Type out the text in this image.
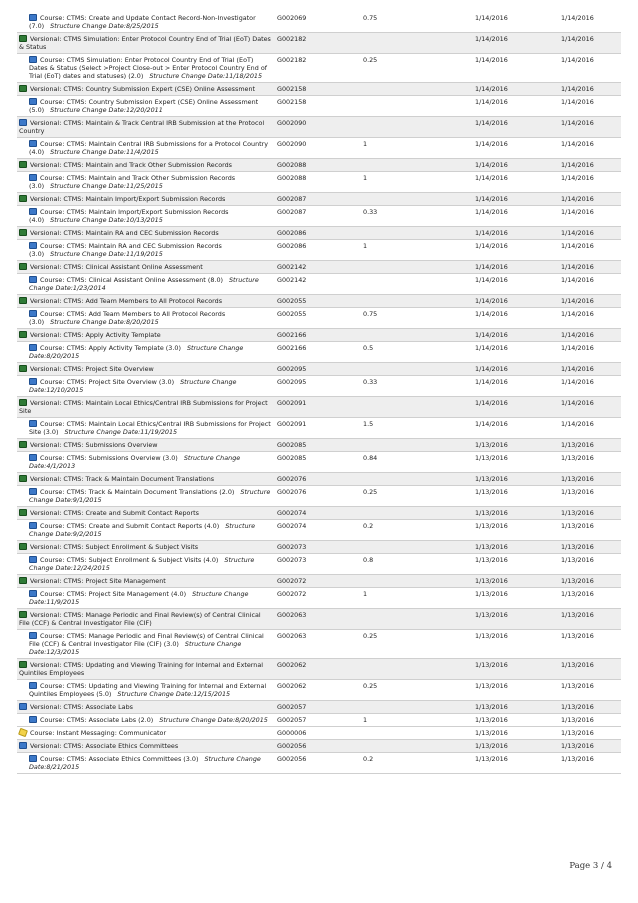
Course: CTMS: Create and Update Contact Record-Non-Investigator (7.0) Structure Change Date:8/25/2015	G002069	0.75	1/14/2016	1/14/2016
Versional: CTMS Simulation: Enter Protocol Country End of Trial (EoT) Dates & Status	G002182		1/14/2016	1/14/2016
Course: CTMS Simulation: Enter Protocol Country End of Trial (EoT) Dates & Status (Select >Project Close-out > Enter Protocol Country End of Trial (EoT) dates and statuses) (2.0) Structure Change Date:11/18/2015	G002182	0.25	1/14/2016	1/14/2016
Versional: CTMS: Country Submission Expert (CSE) Online Assessment	G002158		1/14/2016	1/14/2016
Course: CTMS: Country Submission Expert (CSE) Online Assessment (5.0) Structure Change Date:12/20/2011	G002158		1/14/2016	1/14/2016
Versional: CTMS: Maintain & Track Central IRB Submission at the Protocol Country	G002090		1/14/2016	1/14/2016
Course: CTMS: Maintain Central IRB Submissions for a Protocol Country (4.0) Structure Change Date:11/4/2015	G002090	1	1/14/2016	1/14/2016
Versional: CTMS: Maintain and Track Other Submission Records	G002088		1/14/2016	1/14/2016
Course: CTMS: Maintain and Track Other Submission Records (3.0) Structure Change Date:11/25/2015	G002088	1	1/14/2016	1/14/2016
Versional: CTMS: Maintain Import/Export Submission Records	G002087		1/14/2016	1/14/2016
Course: CTMS: Maintain Import/Export Submission Records (4.0) Structure Change Date:10/13/2015	G002087	0.33	1/14/2016	1/14/2016
Versional: CTMS: Maintain RA and CEC Submission Records	G002086		1/14/2016	1/14/2016
Course: CTMS: Maintain RA and CEC Submission Records (3.0) Structure Change Date:11/19/2015	G002086	1	1/14/2016	1/14/2016
Versional: CTMS: Clinical Assistant Online Assessment	G002142		1/14/2016	1/14/2016
Course: CTMS: Clinical Assistant Online Assessment (8.0) Structure Change Date:1/23/2014	G002142		1/14/2016	1/14/2016
Versional: CTMS: Add Team Members to All Protocol Records	G002055		1/14/2016	1/14/2016
Course: CTMS: Add Team Members to All Protocol Records (3.0) Structure Change Date:8/20/2015	G002055	0.75	1/14/2016	1/14/2016
Versional: CTMS: Apply Activity Template	G002166		1/14/2016	1/14/2016
Course: CTMS: Apply Activity Template (3.0) Structure Change Date:8/20/2015	G002166	0.5	1/14/2016	1/14/2016
Versional: CTMS: Project Site Overview	G002095		1/14/2016	1/14/2016
Course: CTMS: Project Site Overview (3.0) Structure Change Date:12/10/2015	G002095	0.33	1/14/2016	1/14/2016
Versional: CTMS: Maintain Local Ethics/Central IRB Submissions for Project Site	G002091		1/14/2016	1/14/2016
Course: CTMS: Maintain Local Ethics/Central IRB Submissions for Project Site (3.0) Structure Change Date:11/19/2015	G002091	1.5	1/14/2016	1/14/2016
Versional: CTMS: Submissions Overview	G002085		1/13/2016	1/13/2016
Course: CTMS: Submissions Overview (3.0) Structure Change Date:4/1/2013	G002085	0.84	1/13/2016	1/13/2016
Versional: CTMS: Track & Maintain Document Translations	G002076		1/13/2016	1/13/2016
Course: CTMS: Track & Maintain Document Translations (2.0) Structure Change Date:9/1/2015	G002076	0.25	1/13/2016	1/13/2016
Versional: CTMS: Create and Submit Contact Reports	G002074		1/13/2016	1/13/2016
Course: CTMS: Create and Submit Contact Reports (4.0) Structure Change Date:9/2/2015	G002074	0.2	1/13/2016	1/13/2016
Versional: CTMS: Subject Enrollment & Subject Visits	G002073		1/13/2016	1/13/2016
Course: CTMS: Subject Enrollment & Subject Visits (4.0) Structure Change Date:12/24/2015	G002073	0.8	1/13/2016	1/13/2016
Versional: CTMS: Project Site Management	G002072		1/13/2016	1/13/2016
Course: CTMS: Project Site Management (4.0) Structure Change Date:11/9/2015	G002072	1	1/13/2016	1/13/2016
Versional: CTMS: Manage Periodic and Final Review(s) of Central Clinical File (CCF) & Central Investigator File (CIF)	G002063		1/13/2016	1/13/2016
Course: CTMS: Manage Periodic and Final Review(s) of Central Clinical File (CCF) & Central Investigator File (CIF) (3.0) Structure Change Date:12/3/2015	G002063	0.25	1/13/2016	1/13/2016
Versional: CTMS: Updating and Viewing Training for Internal and External Quintiles Employees	G002062		1/13/2016	1/13/2016
Course: CTMS: Updating and Viewing Training for Internal and External Quintiles Employees (5.0) Structure Change Date:12/15/2015	G002062	0.25	1/13/2016	1/13/2016
Versional: CTMS: Associate Labs	G002057		1/13/2016	1/13/2016
Course: CTMS: Associate Labs (2.0) Structure Change Date:8/20/2015	G002057	1	1/13/2016	1/13/2016
Course: Instant Messaging: Communicator	G000006		1/13/2016	1/13/2016
Versional: CTMS: Associate Ethics Committees	G002056		1/13/2016	1/13/2016
Course: CTMS: Associate Ethics Committees (3.0) Structure Change Date:8/21/2015	G002056	0.2	1/13/2016	1/13/2016
Page 3 / 4
